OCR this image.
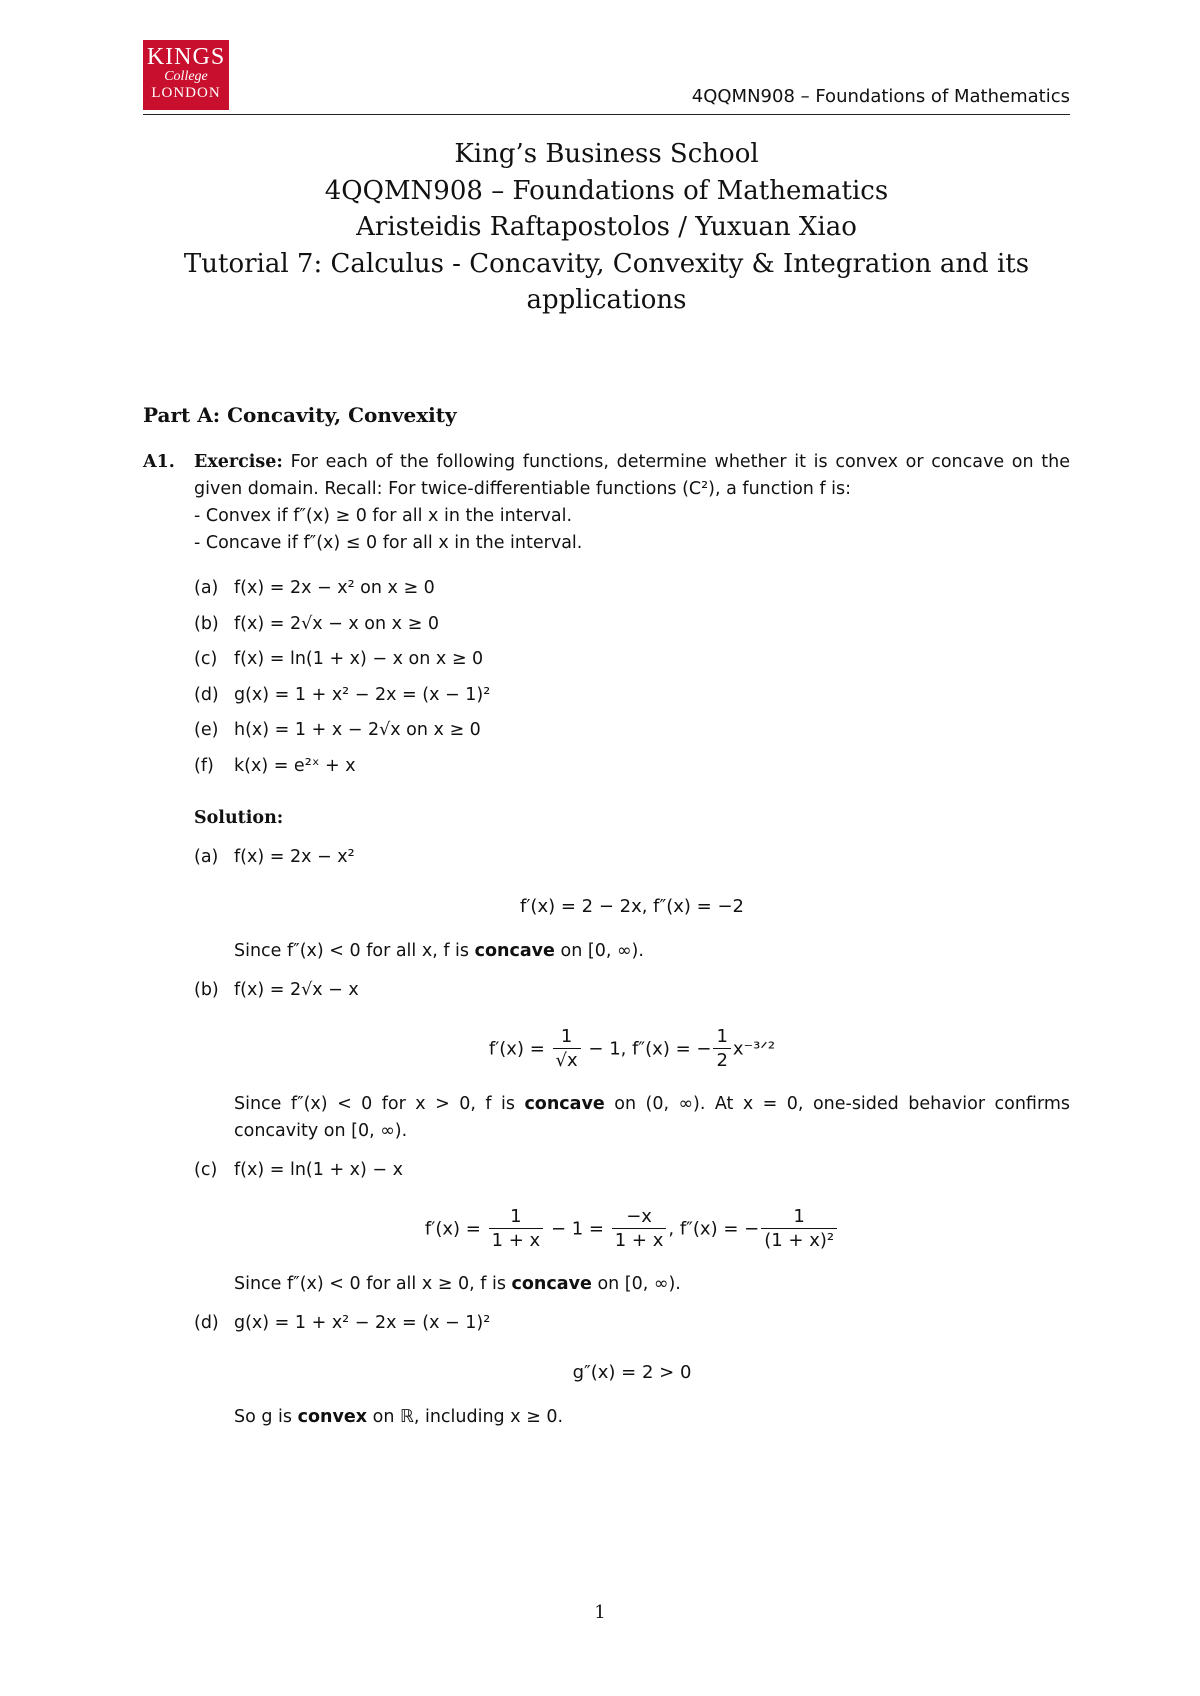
KINGS
College
LONDON	4QQMN908 – Foundations of Mathematics
King’s Business School
4QQMN908 – Foundations of Mathematics
Aristeidis Raftapostolos / Yuxuan Xiao
Tutorial 7: Calculus - Concavity, Convexity & Integration and its
applications
Part A: Concavity, Convexity
A1. Exercise: For each of the following functions, determine whether it is convex or concave on the given domain. Recall: For twice-differentiable functions (C²), a function f is:
- Convex if f″(x) ≥ 0 for all x in the interval.
- Concave if f″(x) ≤ 0 for all x in the interval.
(a) f(x) = 2x − x² on x ≥ 0
(b) f(x) = 2√x − x on x ≥ 0
(c) f(x) = ln(1 + x) − x on x ≥ 0
(d) g(x) = 1 + x² − 2x = (x − 1)²
(e) h(x) = 1 + x − 2√x on x ≥ 0
(f) k(x) = e²ˣ + x
Solution:
(a) f(x) = 2x − x²
f′(x) = 2 − 2x, f″(x) = −2
Since f″(x) < 0 for all x, f is concave on [0, ∞).
(b) f(x) = 2√x − x
$f'(x) = \frac{1}{√x} - 1$, f″(x) = − $\frac{1}{2}$ x⁻³ᐟ²
Since f″(x) < 0 for x > 0, f is concave on (0, ∞). At x = 0, one-sided behavior confirms concavity on [0, ∞).
(c) f(x) = ln(1 + x) − x
$f'(x) = \frac{1}{1 + x} - 1 = \frac{-x}{1 + x}$ , f″(x) = − $\frac{1}{\text{(1 + x)²}}$
Since f″(x) < 0 for all x ≥ 0, f is concave on [0, ∞).
(d) g(x) = 1 + x² − 2x = (x − 1)²
g″(x) = 2 > 0
So g is convex on ℝ, including x ≥ 0.
1
